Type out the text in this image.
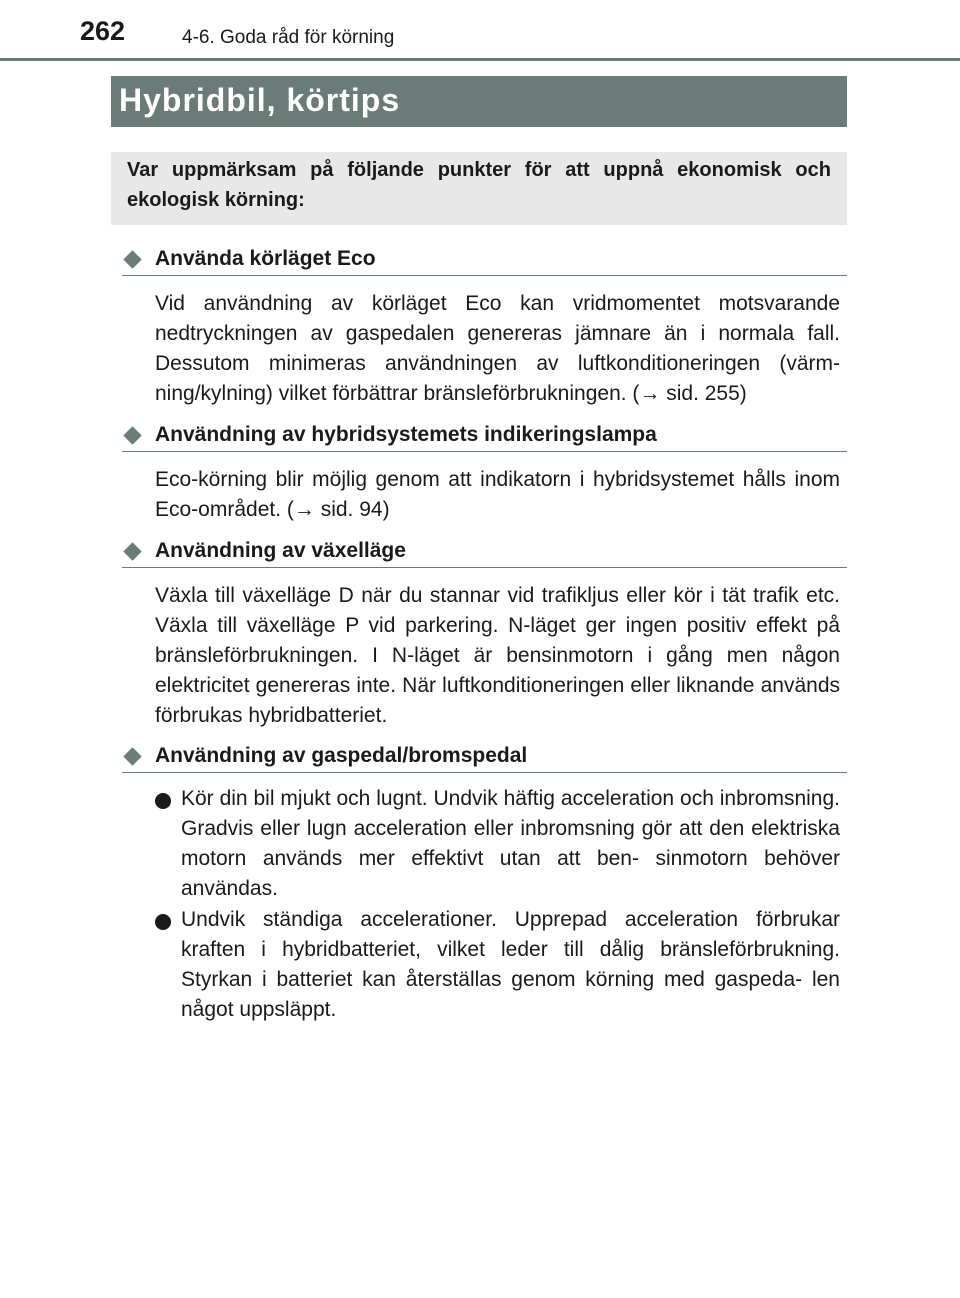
262	4-6. Goda råd för körning
Hybridbil, körtips

Var uppmärksam på följande punkter för att uppnå ekonomisk och ekologisk körning:

Använda körläget Eco

Vid användning av körläget Eco kan vridmomentet motsvarande nedtryckningen av gaspedalen genereras jämnare än i normala fall. Dessutom minimeras användningen av luftkonditioneringen (värm- ning/kylning) vilket förbättrar bränsleförbrukningen. (→ sid. 255)

Användning av hybridsystemets indikeringslampa

Eco-körning blir möjlig genom att indikatorn i hybridsystemet hålls inom Eco-området. (→ sid. 94)

Användning av växelläge

Växla till växelläge D när du stannar vid trafikljus eller kör i tät trafik etc. Växla till växelläge P vid parkering. N-läget ger ingen positiv effekt på bränsleförbrukningen. I N-läget är bensinmotorn i gång men någon elektricitet genereras inte. När luftkonditioneringen eller liknande används förbrukas hybridbatteriet.

Användning av gaspedal/bromspedal

Kör din bil mjukt och lugnt. Undvik häftig acceleration och inbromsning. Gradvis eller lugn acceleration eller inbromsning gör att den elektriska motorn används mer effektivt utan att ben- sinmotorn behöver användas.

Undvik ständiga accelerationer. Upprepad acceleration förbrukar kraften i hybridbatteriet, vilket leder till dålig bränsleförbrukning. Styrkan i batteriet kan återställas genom körning med gaspeda- len något uppsläppt.
